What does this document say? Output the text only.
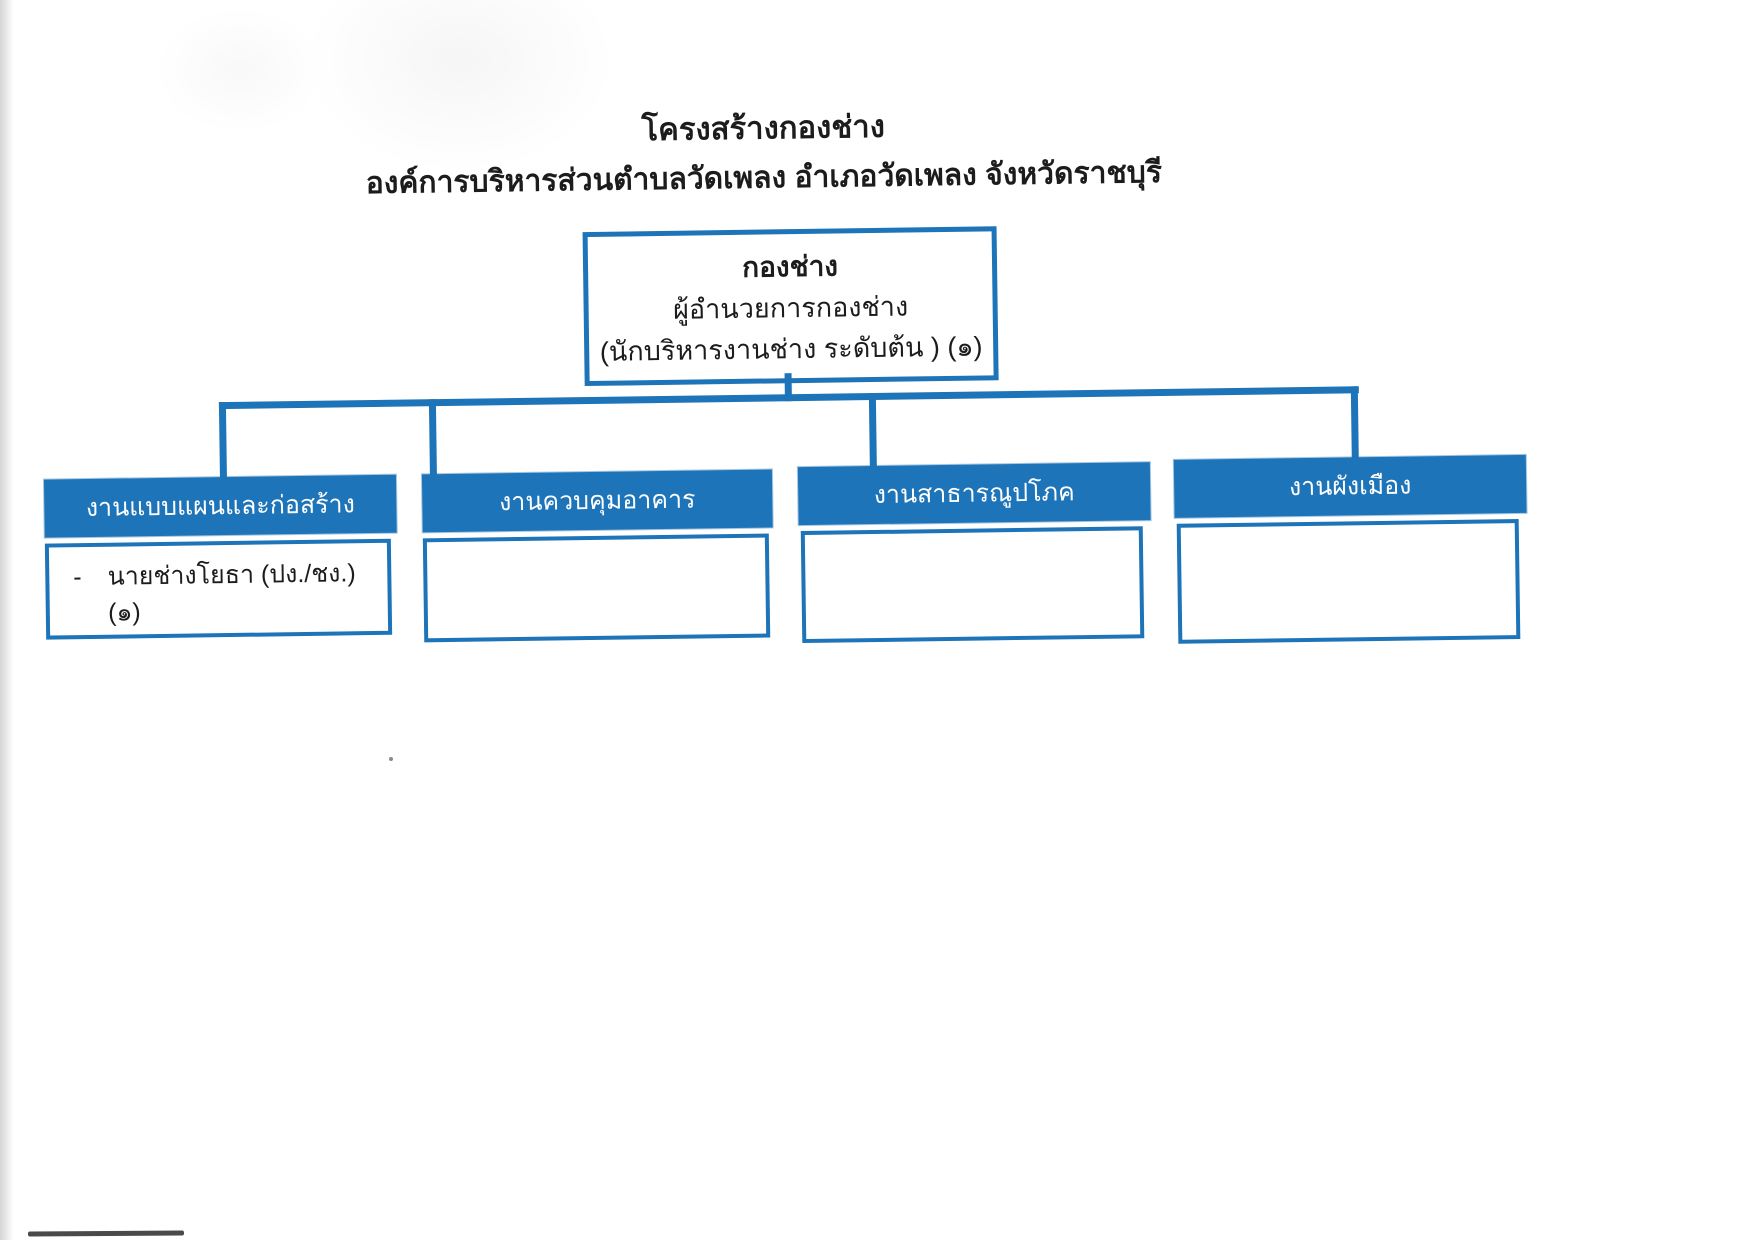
โครงสร้างกองช่าง
องค์การบริหารส่วนตำบลวัดเพลง อำเภอวัดเพลง จังหวัดราชบุรี
กองช่าง
ผู้อำนวยการกองช่าง
(นักบริหารงานช่าง ระดับต้น ) (๑)
งานแบบแผนและก่อสร้าง	งานควบคุมอาคาร	งานสาธารณูปโภค	งานผังเมือง
- นายช่างโยธา (ปง./ชง.) (๑)
